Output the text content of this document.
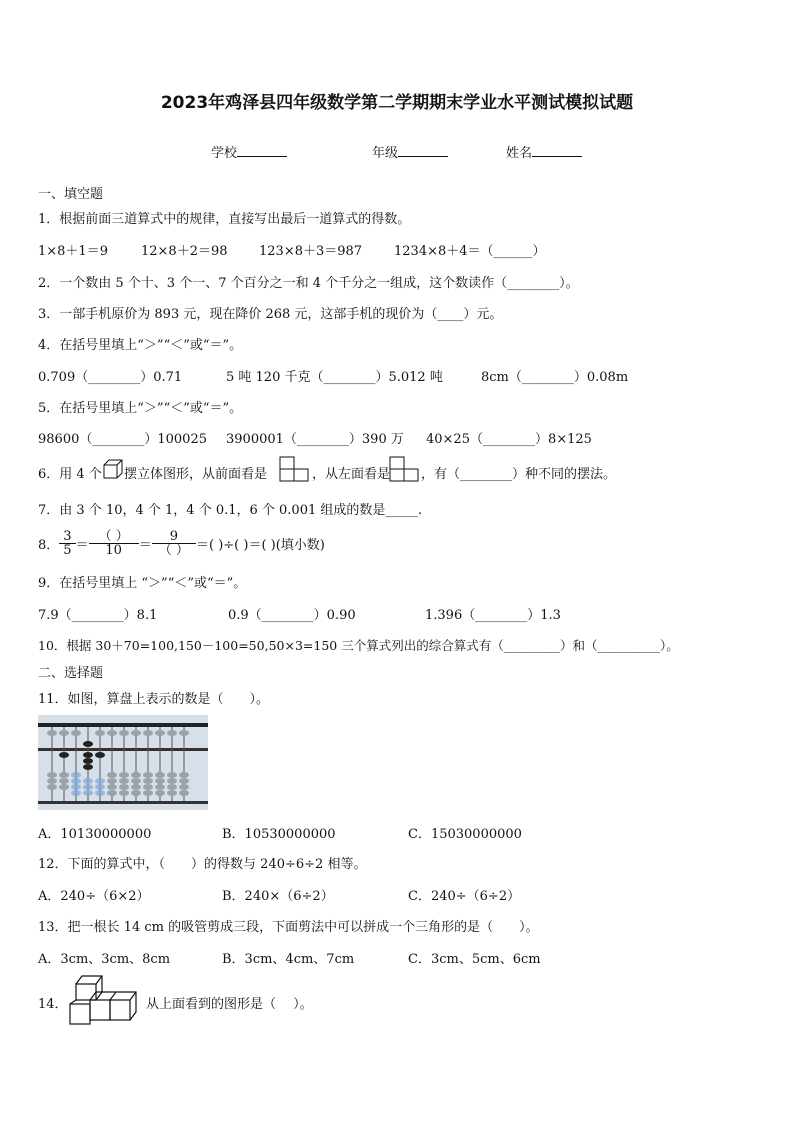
2023年鸡泽县四年级数学第二学期期末学业水平测试模拟试题
学校	年级	姓名
一、填空题
1．根据前面三道算式中的规律，直接写出最后一道算式的得数。
1×8＋1＝9	12×8＋2＝98 123×8＋3＝987 1234×8＋4＝（______）
2．一个数由 5 个十、3 个一、7 个百分之一和 4 个千分之一组成，这个数读作（________）。
3．一部手机原价为 893 元，现在降价 268 元，这部手机的现价为（____）元。
4．在括号里填上“＞”“＜”或“＝”。
0.709（________）0.71	5 吨 120 千克（________）5.012 吨	8cm（________）0.08m
5．在括号里填上“＞”“＜”或“＝”。
98600（________）100025 3900001（________）390 万 40×25（________）8×125
6．用 4 个 摆立体图形，从前面看是	，从左面看是 ，有（________）种不同的摆法。
7．由 3 个 10，4 个 1，4 个 0.1，6 个 0.001 组成的数是_____.
8． $\frac{3}{5} = \frac{( )}{10} = \frac{9}{( )}$ ＝( )÷( )＝( )(填小数)
9．在括号里填上 “＞”“＜”或“＝”。
7.9（________）8.1	0.9（________）0.90	1.396（________）1.3
10．根据 30＋70=100,150－100=50,50×3=150 三个算式列出的综合算式有（_________）和（__________）。
二、选择题
11．如图，算盘上表示的数是（　　）。
A．10130000000	B．10530000000	C．15030000000
12．下面的算式中，（　　）的得数与 240÷6÷2 相等。
A．240÷（6×2）	B．240×（6÷2）	C．240÷（6÷2）
13．把一根长 14 cm 的吸管剪成三段，下面剪法中可以拼成一个三角形的是（　　）。
A．3cm、3cm、8cm	B．3cm、4cm、7cm	C．3cm、5cm、6cm
14．	从上面看到的图形是（　 ）。
